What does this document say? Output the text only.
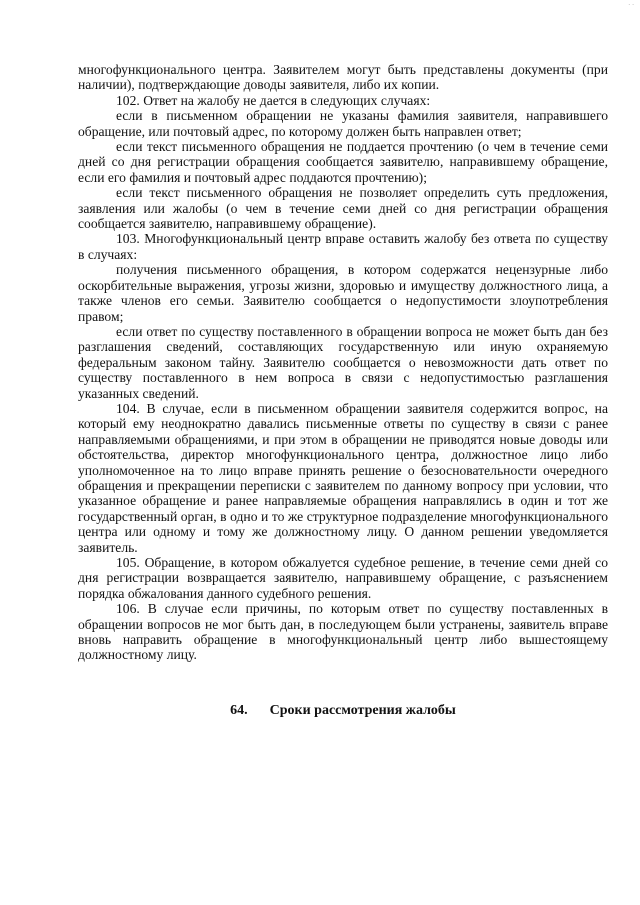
. .

многофункционального центра. Заявителем могут быть представлены документы (при наличии), подтверждающие доводы заявителя, либо их копии.

102. Ответ на жалобу не дается в следующих случаях:

если в письменном обращении не указаны фамилия заявителя, направившего обращение, или почтовый адрес, по которому должен быть направлен ответ;

если текст письменного обращения не поддается прочтению (о чем в течение семи дней со дня регистрации обращения сообщается заявителю, направившему обращение, если его фамилия и почтовый адрес поддаются прочтению);

если текст письменного обращения не позволяет определить суть предложения, заявления или жалобы (о чем в течение семи дней со дня регистрации обращения сообщается заявителю, направившему обращение).

103. Многофункциональный центр вправе оставить жалобу без ответа по существу в случаях:

получения письменного обращения, в котором содержатся нецензурные либо оскорбительные выражения, угрозы жизни, здоровью и имуществу должностного лица, а также членов его семьи. Заявителю сообщается о недопустимости злоупотребления правом;

если ответ по существу поставленного в обращении вопроса не может быть дан без разглашения сведений, составляющих государственную или иную охраняемую федеральным законом тайну. Заявителю сообщается о невозможности дать ответ по существу поставленного в нем вопроса в связи с недопустимостью разглашения указанных сведений.

104. В случае, если в письменном обращении заявителя содержится вопрос, на который ему неоднократно давались письменные ответы по существу в связи с ранее направляемыми обращениями, и при этом в обращении не приводятся новые доводы или обстоятельства, директор многофункционального центра, должностное лицо либо уполномоченное на то лицо вправе принять решение о безосновательности очередного обращения и прекращении переписки с заявителем по данному вопросу при условии, что указанное обращение и ранее направляемые обращения направлялись в один и тот же государственный орган, в одно и то же структурное подразделение многофункционального центра или одному и тому же должностному лицу. О данном решении уведомляется заявитель.

105. Обращение, в котором обжалуется судебное решение, в течение семи дней со дня регистрации возвращается заявителю, направившему обращение, с разъяснением порядка обжалования данного судебного решения.

106. В случае если причины, по которым ответ по существу поставленных в обращении вопросов не мог быть дан, в последующем были устранены, заявитель вправе вновь направить обращение в многофункциональный центр либо вышестоящему должностному лицу.

64. Сроки рассмотрения жалобы
